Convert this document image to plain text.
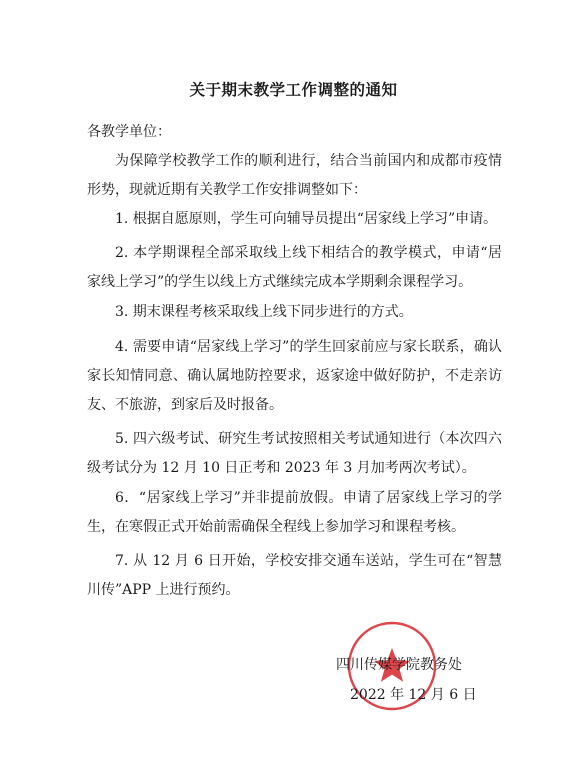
关于期末教学工作调整的通知
各教学单位：

为保障学校教学工作的顺利进行，结合当前国内和成都市疫情形势，现就近期有关教学工作安排调整如下：

1. 根据自愿原则，学生可向辅导员提出“居家线上学习”申请。

2. 本学期课程全部采取线上线下相结合的教学模式，申请“居家线上学习”的学生以线上方式继续完成本学期剩余课程学习。

3. 期末课程考核采取线上线下同步进行的方式。

4. 需要申请“居家线上学习”的学生回家前应与家长联系，确认家长知情同意、确认属地防控要求，返家途中做好防护，不走亲访友、不旅游，到家后及时报备。

5. 四六级考试、研究生考试按照相关考试通知进行（本次四六级考试分为 12 月 10 日正考和 2023 年 3 月加考两次考试）。

6．“居家线上学习”并非提前放假。申请了居家线上学习的学生，在寒假正式开始前需确保全程线上参加学习和课程考核。

7. 从 12 月 6 日开始，学校安排交通车送站，学生可在“智慧川传”APP 上进行预约。

四川传媒学院教务处
2022 年 12 月 6 日
